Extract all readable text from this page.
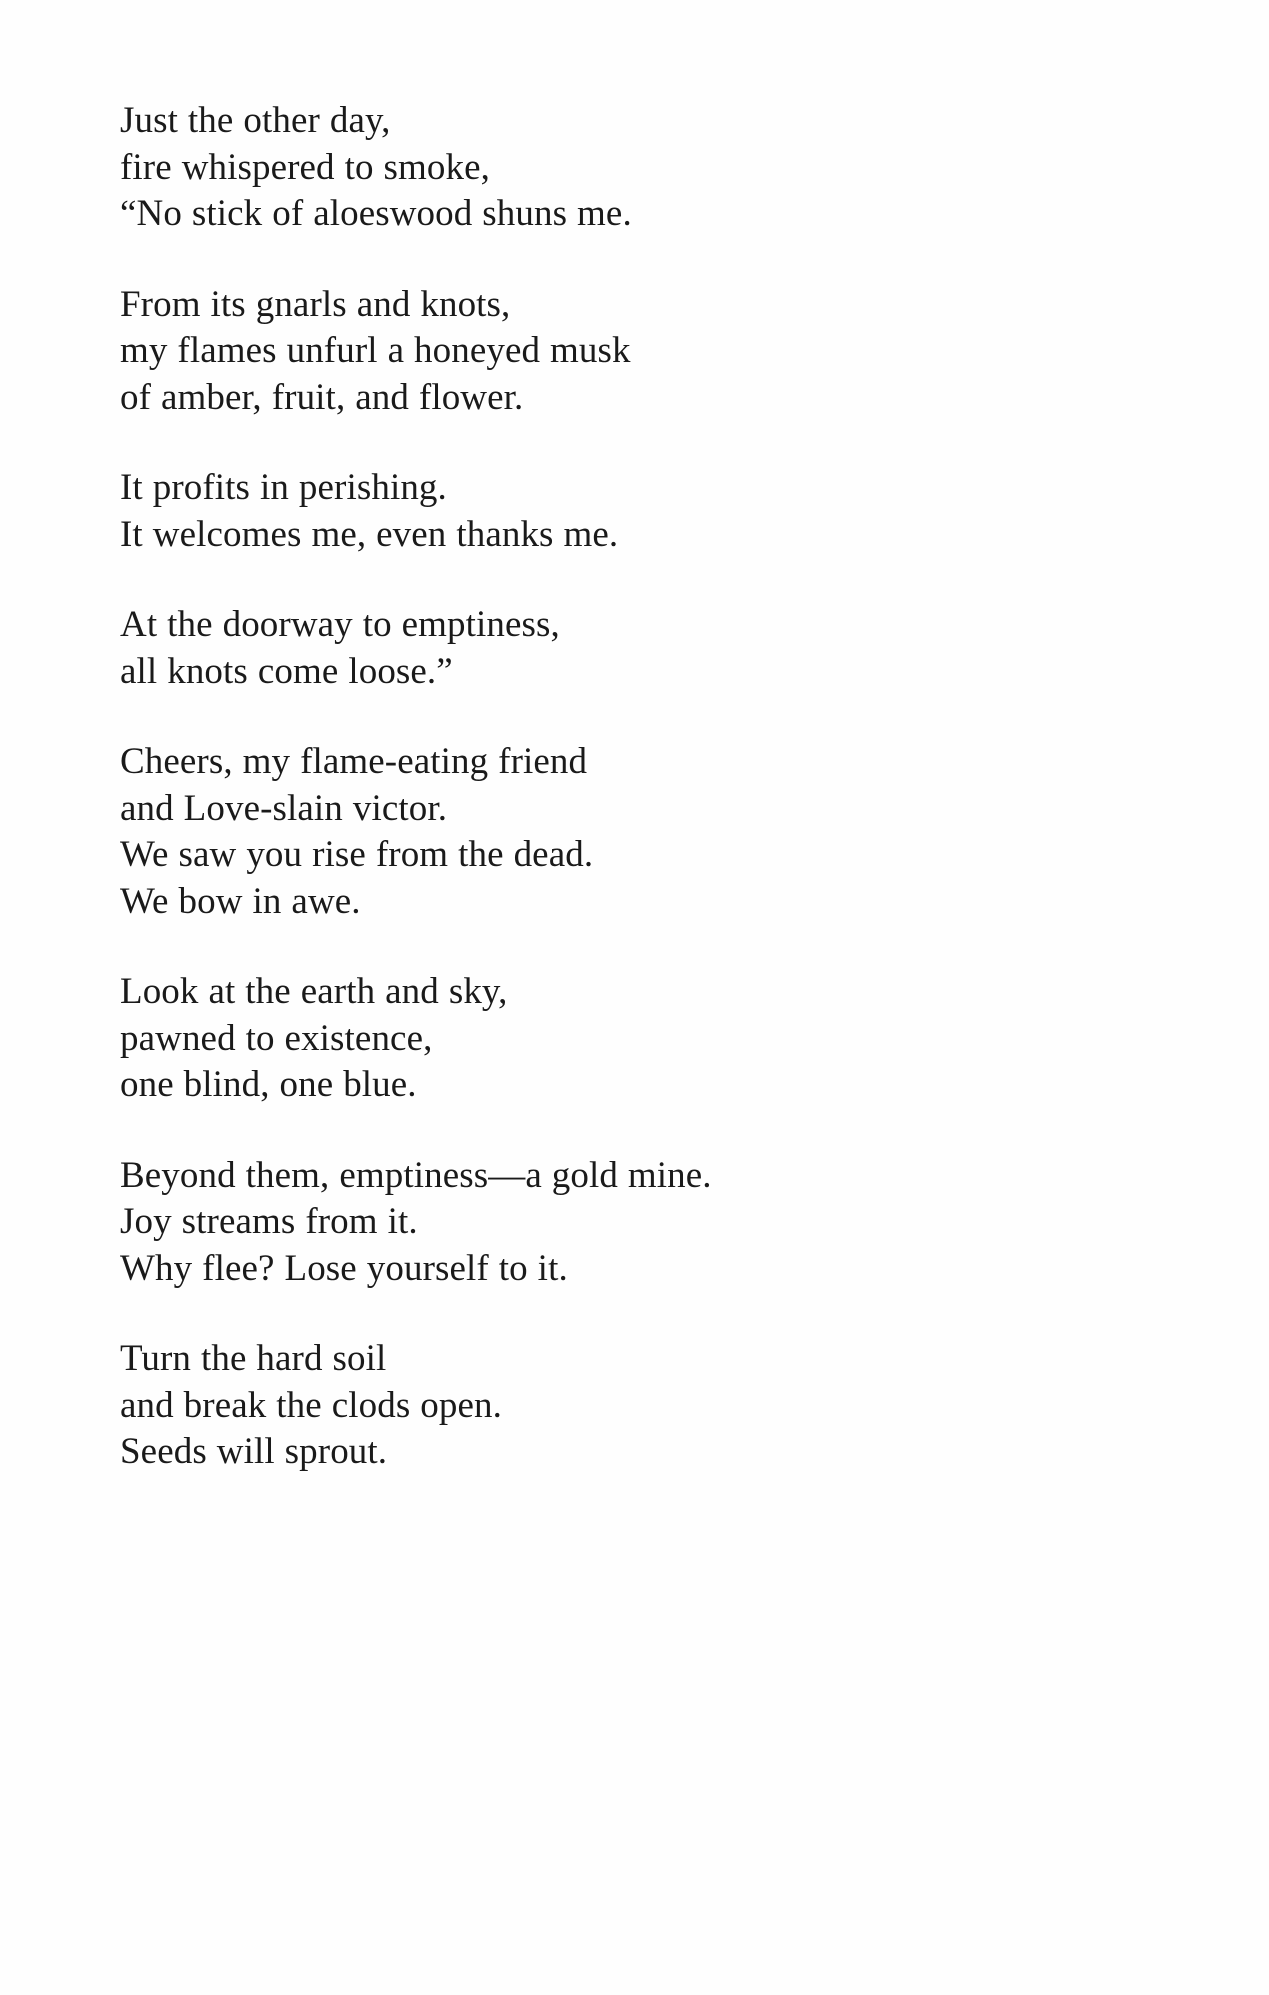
Just the other day,
fire whispered to smoke,
“No stick of aloeswood shuns me.
From its gnarls and knots,
my flames unfurl a honeyed musk
of amber, fruit, and flower.
It profits in perishing.
It welcomes me, even thanks me.
At the doorway to emptiness,
all knots come loose.”
Cheers, my flame-eating friend
and Love-slain victor.
We saw you rise from the dead.
We bow in awe.
Look at the earth and sky,
pawned to existence,
one blind, one blue.
Beyond them, emptiness—a gold mine.
Joy streams from it.
Why flee? Lose yourself to it.
Turn the hard soil
and break the clods open.
Seeds will sprout.
